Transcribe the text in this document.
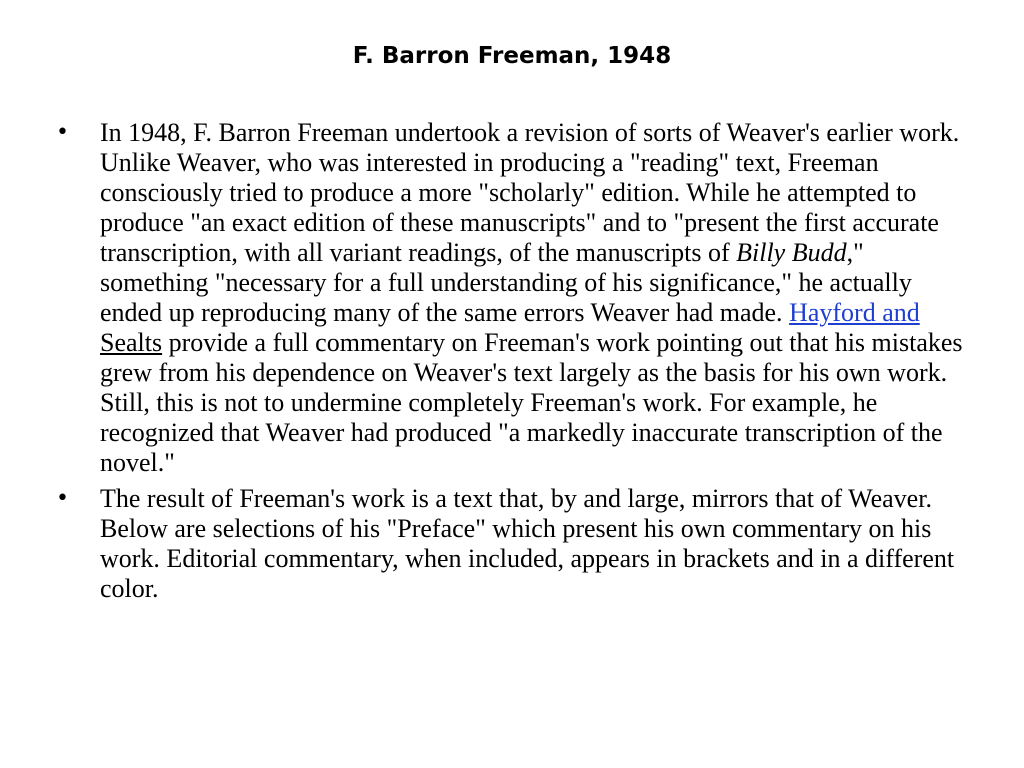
F. Barron Freeman, 1948
•	In 1948, F. Barron Freeman undertook a revision of sorts of Weaver's earlier work. Unlike Weaver, who was interested in producing a "reading" text, Freeman consciously tried to produce a more "scholarly" edition. While he attempted to produce "an exact edition of these manuscripts" and to "present the first accurate transcription, with all variant readings, of the manuscripts of Billy Budd," something "necessary for a full understanding of his significance," he actually ended up reproducing many of the same errors Weaver had made. Hayford and Sealts provide a full commentary on Freeman's work pointing out that his mistakes grew from his dependence on Weaver's text largely as the basis for his own work. Still, this is not to undermine completely Freeman's work. For example, he recognized that Weaver had produced "a markedly inaccurate transcription of the novel."
•	The result of Freeman's work is a text that, by and large, mirrors that of Weaver. Below are selections of his "Preface" which present his own commentary on his work. Editorial commentary, when included, appears in brackets and in a different color.
